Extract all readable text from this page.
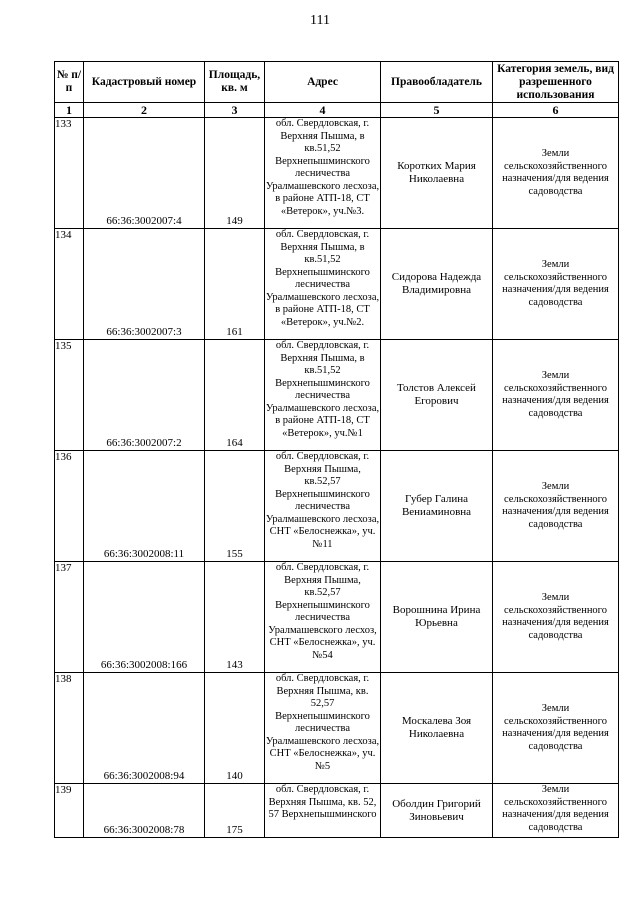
111
№ п/п	Кадастровый номер	Площадь, кв. м	Адрес	Правообладатель	Категория земель, вид разрешенного использования
1	2	3	4	5	6
133	66:36:3002007:4	149	обл. Свердловская, г. Верхняя Пышма, в кв.51,52 Верхнепышминского лесничества Уралмашевского лесхоза, в районе АТП-18, СТ «Ветерок», уч.№3.	Коротких Мария Николаевна	Земли сельскохозяйственного назначения/для ведения садоводства
134	66:36:3002007:3	161	обл. Свердловская, г. Верхняя Пышма, в кв.51,52 Верхнепышминского лесничества Уралмашевского лесхоза, в районе АТП-18, СТ «Ветерок», уч.№2.	Сидорова Надежда Владимировна	Земли сельскохозяйственного назначения/для ведения садоводства
135	66:36:3002007:2	164	обл. Свердловская, г. Верхняя Пышма, в кв.51,52 Верхнепышминского лесничества Уралмашевского лесхоза, в районе АТП-18, СТ «Ветерок», уч.№1	Толстов Алексей Егорович	Земли сельскохозяйственного назначения/для ведения садоводства
136	66:36:3002008:11	155	обл. Свердловская, г. Верхняя Пышма, кв.52,57 Верхнепышминского лесничества Уралмашевского лесхоза, СНТ «Белоснежка», уч. №11	Губер Галина Вениаминовна	Земли сельскохозяйственного назначения/для ведения садоводства
137	66:36:3002008:166	143	обл. Свердловская, г. Верхняя Пышма, кв.52,57 Верхнепышминского лесничества Уралмашевского лесхоз, СНТ «Белоснежка», уч.№54	Ворошнина Ирина Юрьевна	Земли сельскохозяйственного назначения/для ведения садоводства
138	66:36:3002008:94	140	обл. Свердловская, г. Верхняя Пышма, кв. 52,57 Верхнепышминского лесничества Уралмашевского лесхоза, СНТ «Белоснежка», уч. №5	Москалева Зоя Николаевна	Земли сельскохозяйственного назначения/для ведения садоводства
139	66:36:3002008:78	175	обл. Свердловская, г. Верхняя Пышма, кв. 52, 57 Верхнепышминского	Оболдин Григорий Зиновьевич	Земли сельскохозяйственного назначения/для ведения садоводства
